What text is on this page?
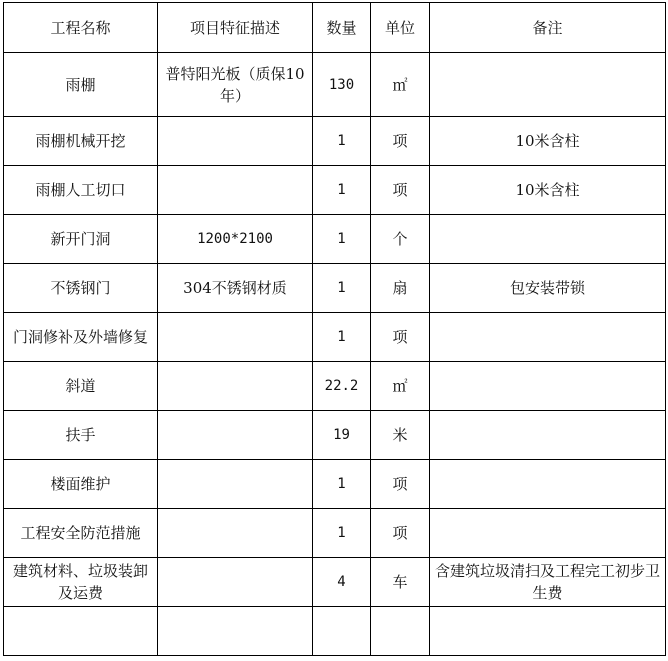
工程名称	项目特征描述	数量	单位	备注
雨棚	普特阳光板（质保10年）	130	㎡	
雨棚机械开挖		1	项	10米含柱
雨棚人工切口		1	项	10米含柱
新开门洞	1200*2100	1	个	
不锈钢门	304不锈钢材质	1	扇	包安装带锁
门洞修补及外墙修复		1	项	
斜道		22.2	㎡	
扶手		19	米	
楼面维护		1	项	
工程安全防范措施		1	项	
建筑材料、垃圾装卸及运费		4	车	含建筑垃圾清扫及工程完工初步卫生费
